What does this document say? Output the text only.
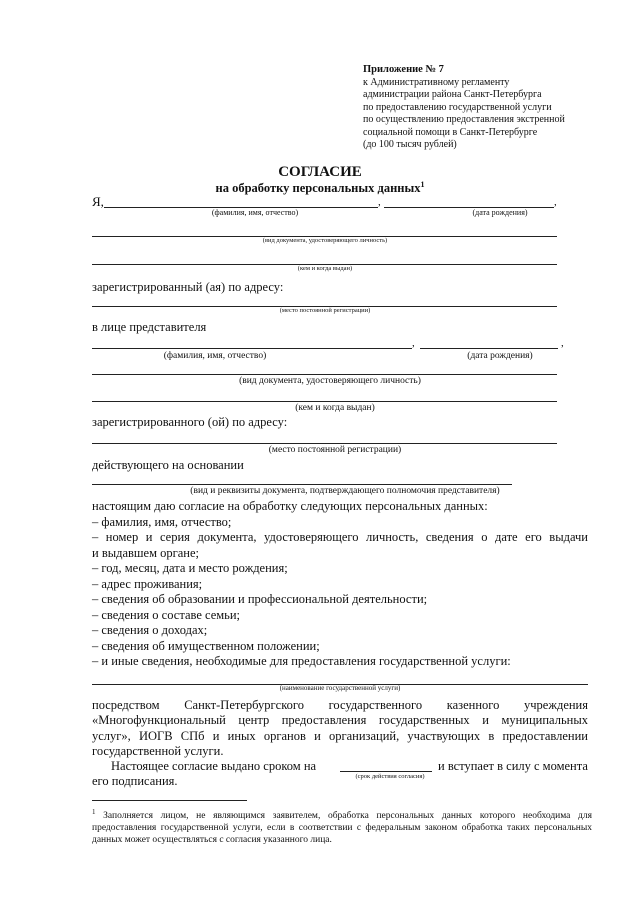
Приложение № 7
к Административному регламенту
администрации района Санкт-Петербурга
по предоставлению государственной услуги
по осуществлению предоставления экстренной
социальной помощи в Санкт-Петербурге
(до 100 тысяч рублей)
СОГЛАСИЕ
на обработку персональных данных$^1$
Я,	,	,
(фамилия, имя, отчество)	(дата рождения)
(вид документа, удостоверяющего личность)
(кем и когда выдан)
зарегистрированный (ая) по адресу:
(место постоянной регистрации)
в лице представителя
,	,
(фамилия, имя, отчество)	(дата рождения)
(вид документа, удостоверяющего личность)
(кем и когда выдан)
зарегистрированного (ой) по адресу:
(место постоянной регистрации)
действующего на основании
(вид и реквизиты документа, подтверждающего полномочия представителя)
настоящим даю согласие на обработку следующих персональных данных:
– фамилия, имя, отчество;
– номер и серия документа, удостоверяющего личность, сведения о дате его выдачи
и выдавшем органе;
– год, месяц, дата и место рождения;
– адрес проживания;
– сведения об образовании и профессиональной деятельности;
– сведения о составе семьи;
– сведения о доходах;
– сведения об имущественном положении;
– и иные сведения, необходимые для предоставления государственной услуги:
(наименование государственной услуги)
посредством Санкт-Петербургского государственного казенного учреждения
«Многофункциональный центр предоставления государственных и муниципальных
услуг», ИОГВ СПб и иных органов и организаций, участвующих в предоставлении
государственной услуги.
Настоящее согласие выдано сроком на	и вступает в силу с момента
(срок действия согласия)
его подписания.
$^1$ Заполняется лицом, не являющимся заявителем, обработка персональных данных которого необходима для предоставления государственной услуги, если в соответствии с федеральным законом обработка таких персональных данных может осуществляться с согласия указанного лица.
